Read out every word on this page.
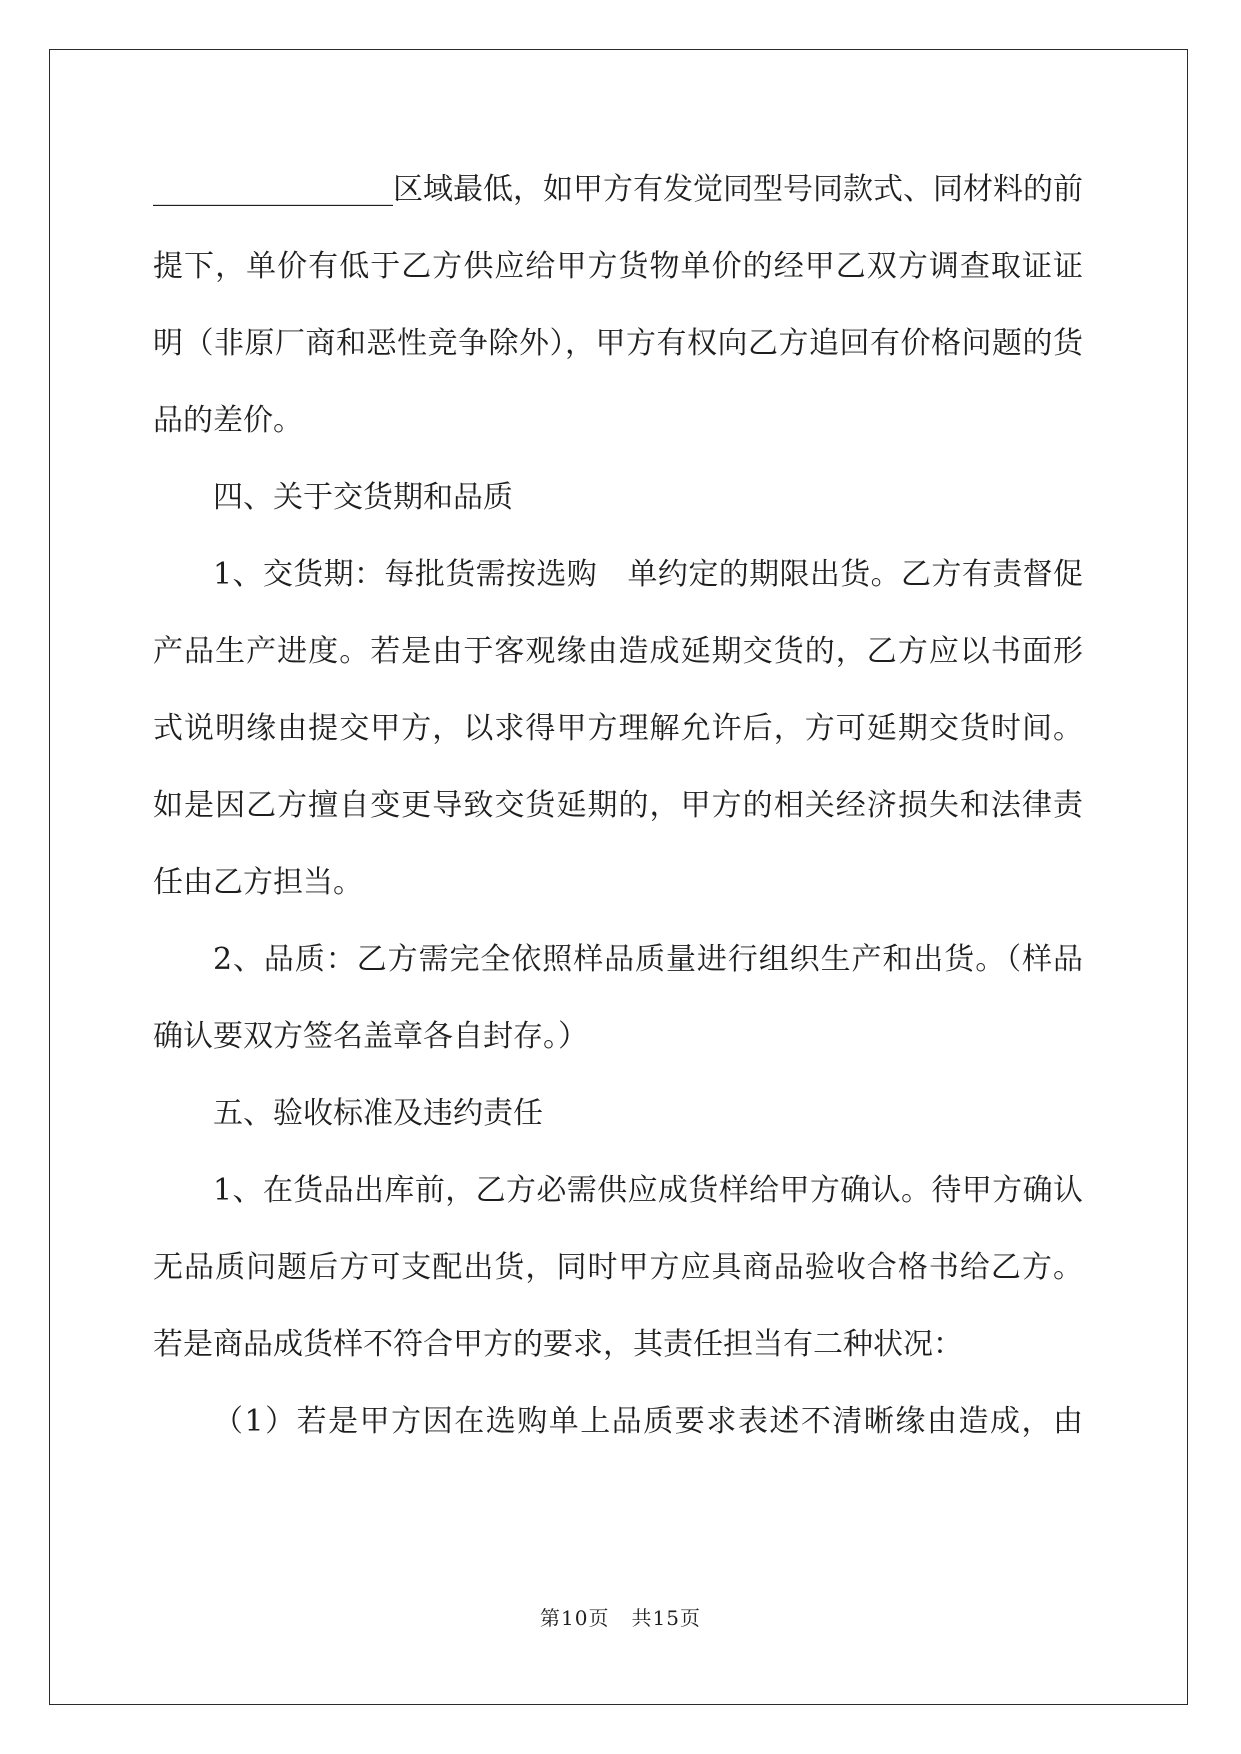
________________区域最低，如甲方有发觉同型号同款式、同材料的前
提下，单价有低于乙方供应给甲方货物单价的经甲乙双方调查取证证
明（非原厂商和恶性竞争除外），甲方有权向乙方追回有价格问题的货
品的差价。
四、关于交货期和品质
1、交货期：每批货需按选购　单约定的期限出货。乙方有责督促
产品生产进度。若是由于客观缘由造成延期交货的，乙方应以书面形
式说明缘由提交甲方，以求得甲方理解允许后，方可延期交货时间。
如是因乙方擅自变更导致交货延期的，甲方的相关经济损失和法律责
任由乙方担当。
2、品质：乙方需完全依照样品质量进行组织生产和出货。（样品
确认要双方签名盖章各自封存。）
五、验收标准及违约责任
1、在货品出库前，乙方必需供应成货样给甲方确认。待甲方确认
无品质问题后方可支配出货，同时甲方应具商品验收合格书给乙方。
若是商品成货样不符合甲方的要求，其责任担当有二种状况：
（1）若是甲方因在选购单上品质要求表述不清晰缘由造成，由
第10页 共15页
